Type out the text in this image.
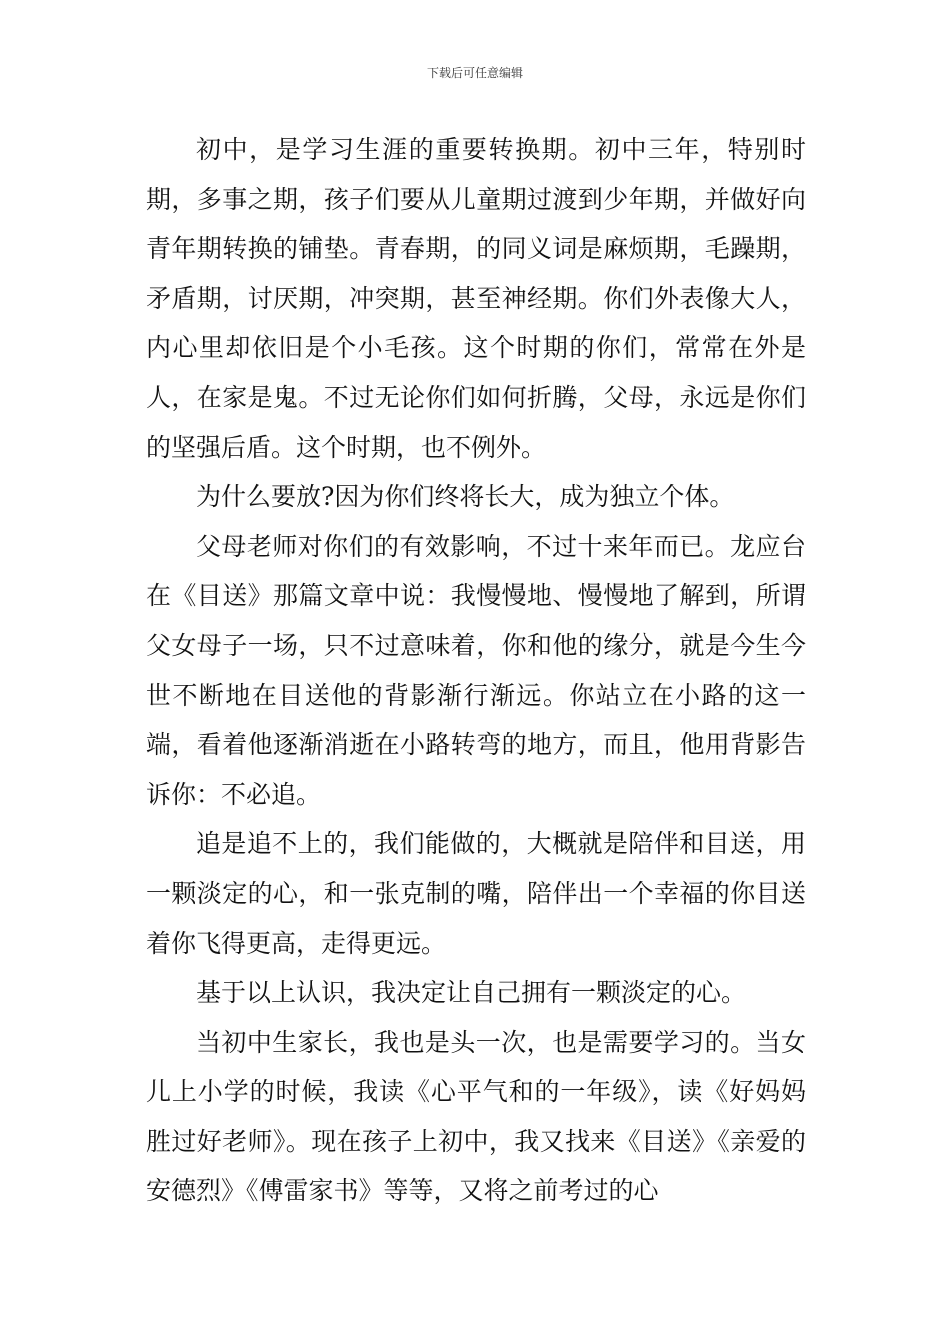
下载后可任意编辑

初中，是学习生涯的重要转换期。初中三年，特别时期，多事之期，孩子们要从儿童期过渡到少年期，并做好向青年期转换的铺垫。青春期，的同义词是麻烦期，毛躁期，矛盾期，讨厌期，冲突期，甚至神经期。你们外表像大人，内心里却依旧是个小毛孩。这个时期的你们，常常在外是人，在家是鬼。不过无论你们如何折腾，父母，永远是你们的坚强后盾。这个时期，也不例外。

为什么要放?因为你们终将长大，成为独立个体。

父母老师对你们的有效影响，不过十来年而已。龙应台在《目送》那篇文章中说：我慢慢地、慢慢地了解到，所谓父女母子一场，只不过意味着，你和他的缘分，就是今生今世不断地在目送他的背影渐行渐远。你站立在小路的这一端，看着他逐渐消逝在小路转弯的地方，而且，他用背影告诉你：不必追。

追是追不上的，我们能做的，大概就是陪伴和目送，用一颗淡定的心，和一张克制的嘴，陪伴出一个幸福的你目送着你飞得更高，走得更远。

基于以上认识，我决定让自己拥有一颗淡定的心。

当初中生家长，我也是头一次，也是需要学习的。当女儿上小学的时候，我读《心平气和的一年级》，读《好妈妈胜过好老师》。现在孩子上初中，我又找来《目送》《亲爱的安德烈》《傅雷家书》等等，又将之前考过的心
